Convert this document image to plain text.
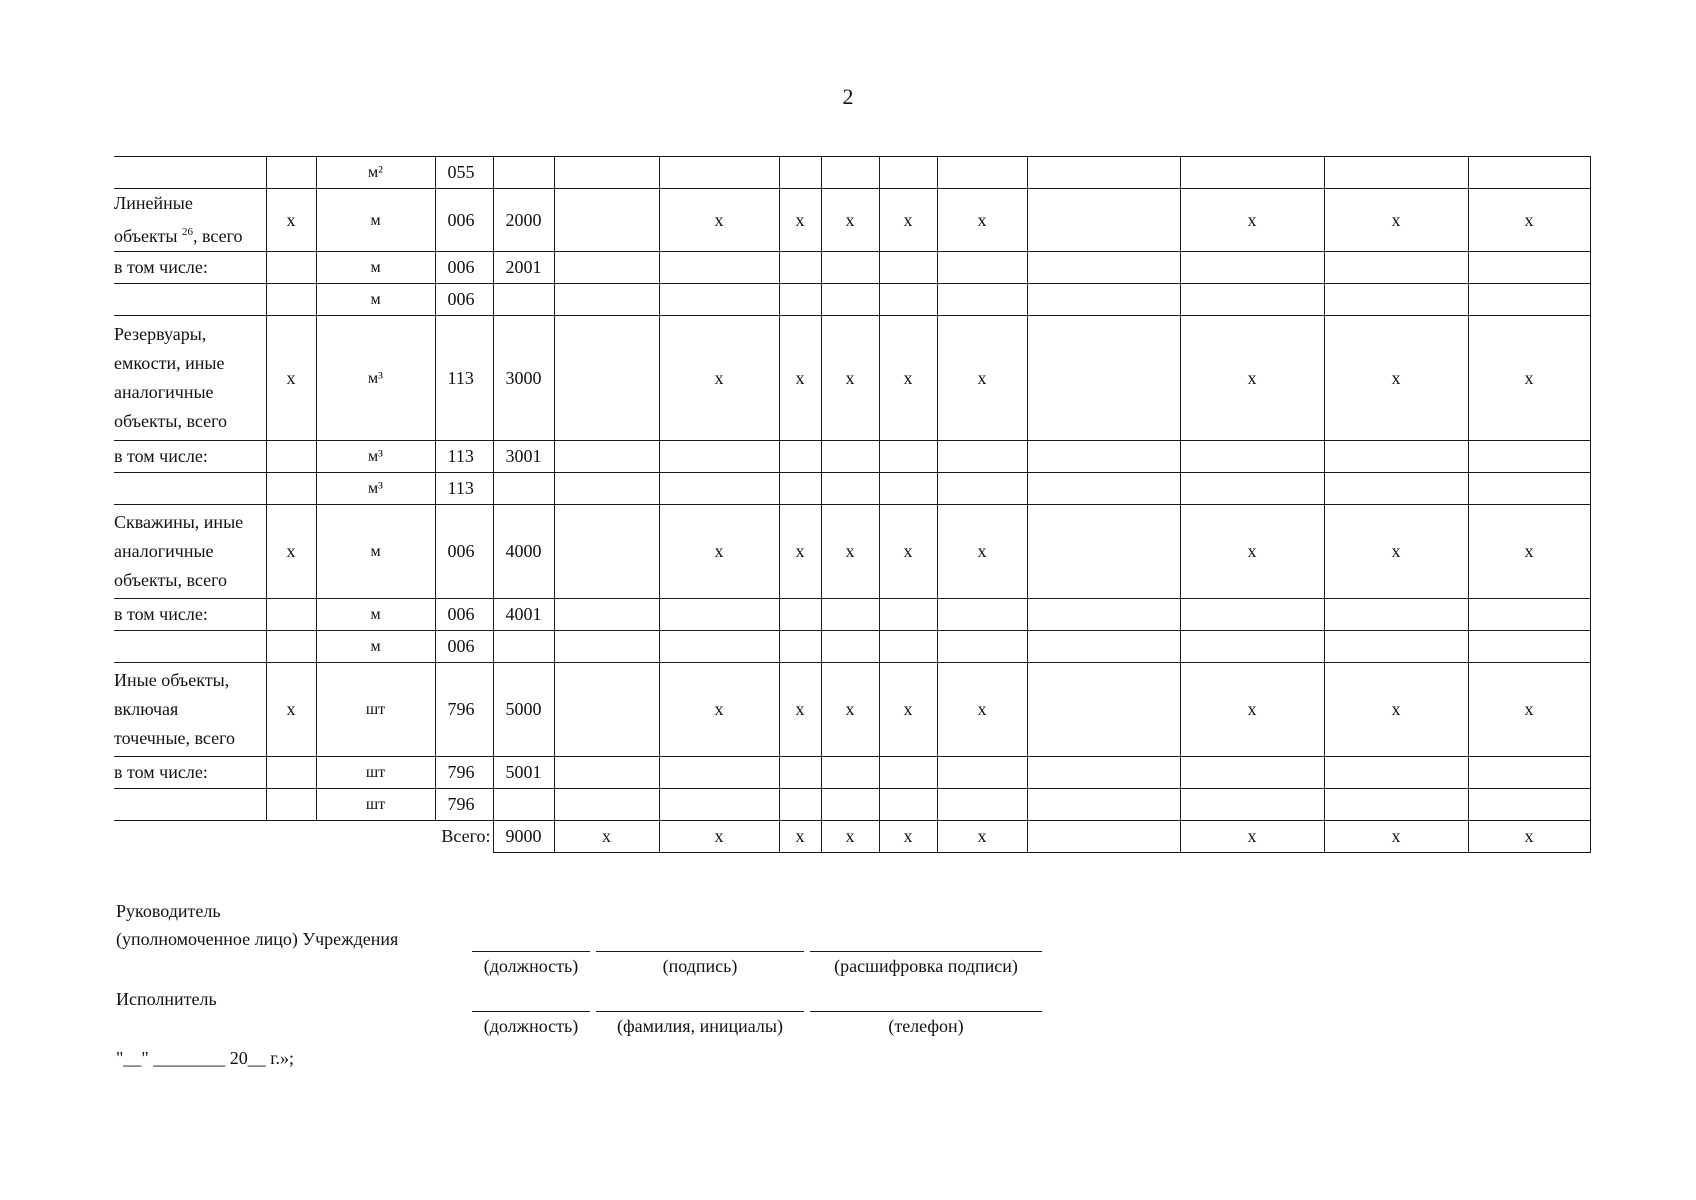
2
		м²	055											

Линейные
объекты $^{26}$, всего	x	м	006	2000		x	x	x	x	x		x	x	x
в том числе:		м	006	2001										
		м	006											

Резервуары,
емкости, иные
аналогичные
объекты, всего	x	м³	113	3000		x	x	x	x	x		x	x	x
в том числе:		м³	113	3001										
		м³	113											

Скважины, иные
аналогичные
объекты, всего	x	м	006	4000		x	x	x	x	x		x	x	x
в том числе:		м	006	4001										
		м	006											

Иные объекты,
включая
точечные, всего	x	шт	796	5000		x	x	x	x	x		x	x	x
в том числе:		шт	796	5001										
		шт	796											
Всего:				9000	x	x	x	x	x	x		x	x	x
Руководитель
(уполномоченное лицо) Учреждения
(должность)	(подпись)	(расшифровка подписи)
Исполнитель
(должность)	(фамилия, инициалы)	(телефон)
"__" ________ 20__ г.»;
